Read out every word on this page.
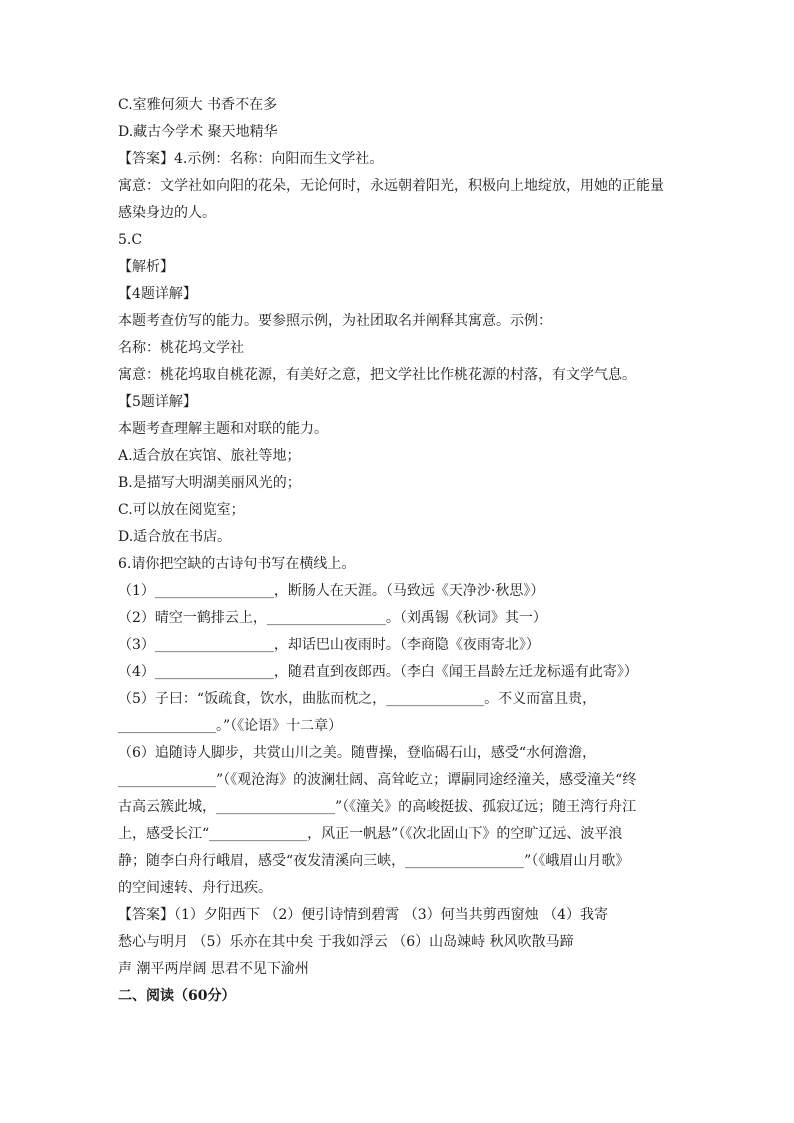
C.室雅何须大 书香不在多
D.藏古今学术 聚天地精华
【答案】4.示例：名称：向阳而生文学社。
寓意：文学社如向阳的花朵，无论何时，永远朝着阳光，积极向上地绽放，用她的正能量
感染身边的人。
5.C
【解析】
【4题详解】
本题考查仿写的能力。要参照示例，为社团取名并阐释其寓意。示例：
名称：桃花坞文学社
寓意：桃花坞取自桃花源，有美好之意，把文学社比作桃花源的村落，有文学气息。
【5题详解】
本题考查理解主题和对联的能力。
A.适合放在宾馆、旅社等地；
B.是描写大明湖美丽风光的；
C.可以放在阅览室；
D.适合放在书店。
6.请你把空缺的古诗句书写在横线上。
（1）_________________，断肠人在天涯。（马致远《天净沙·秋思》）
（2）晴空一鹤排云上，_________________。（刘禹锡《秋词》其一）
（3）_________________，却话巴山夜雨时。（李商隐《夜雨寄北》）
（4）_________________，随君直到夜郎西。（李白《闻王昌龄左迁龙标遥有此寄》）
（5）子曰：“饭疏食，饮水，曲肱而枕之，______________。不义而富且贵，
______________。”（《论语》十二章）
（6）追随诗人脚步，共赏山川之美。随曹操，登临碣石山，感受“水何澹澹，
______________”（《观沧海》的波澜壮阔、高耸屹立；谭嗣同途经潼关，感受潼关“终
古高云簇此城，_________________”（《潼关》的高峻挺拔、孤寂辽远；随王湾行舟江
上，感受长江“______________，风正一帆悬”（《次北固山下》的空旷辽远、波平浪
静；随李白舟行峨眉，感受“夜发清溪向三峡，_________________”（《峨眉山月歌》
的空间速转、舟行迅疾。
【答案】（1）夕阳西下 （2）便引诗情到碧霄 （3）何当共剪西窗烛 （4）我寄
愁心与明月 （5）乐亦在其中矣 于我如浮云 （6）山岛竦峙 秋风吹散马蹄
声 潮平两岸阔 思君不见下渝州
二、阅读（60分）
